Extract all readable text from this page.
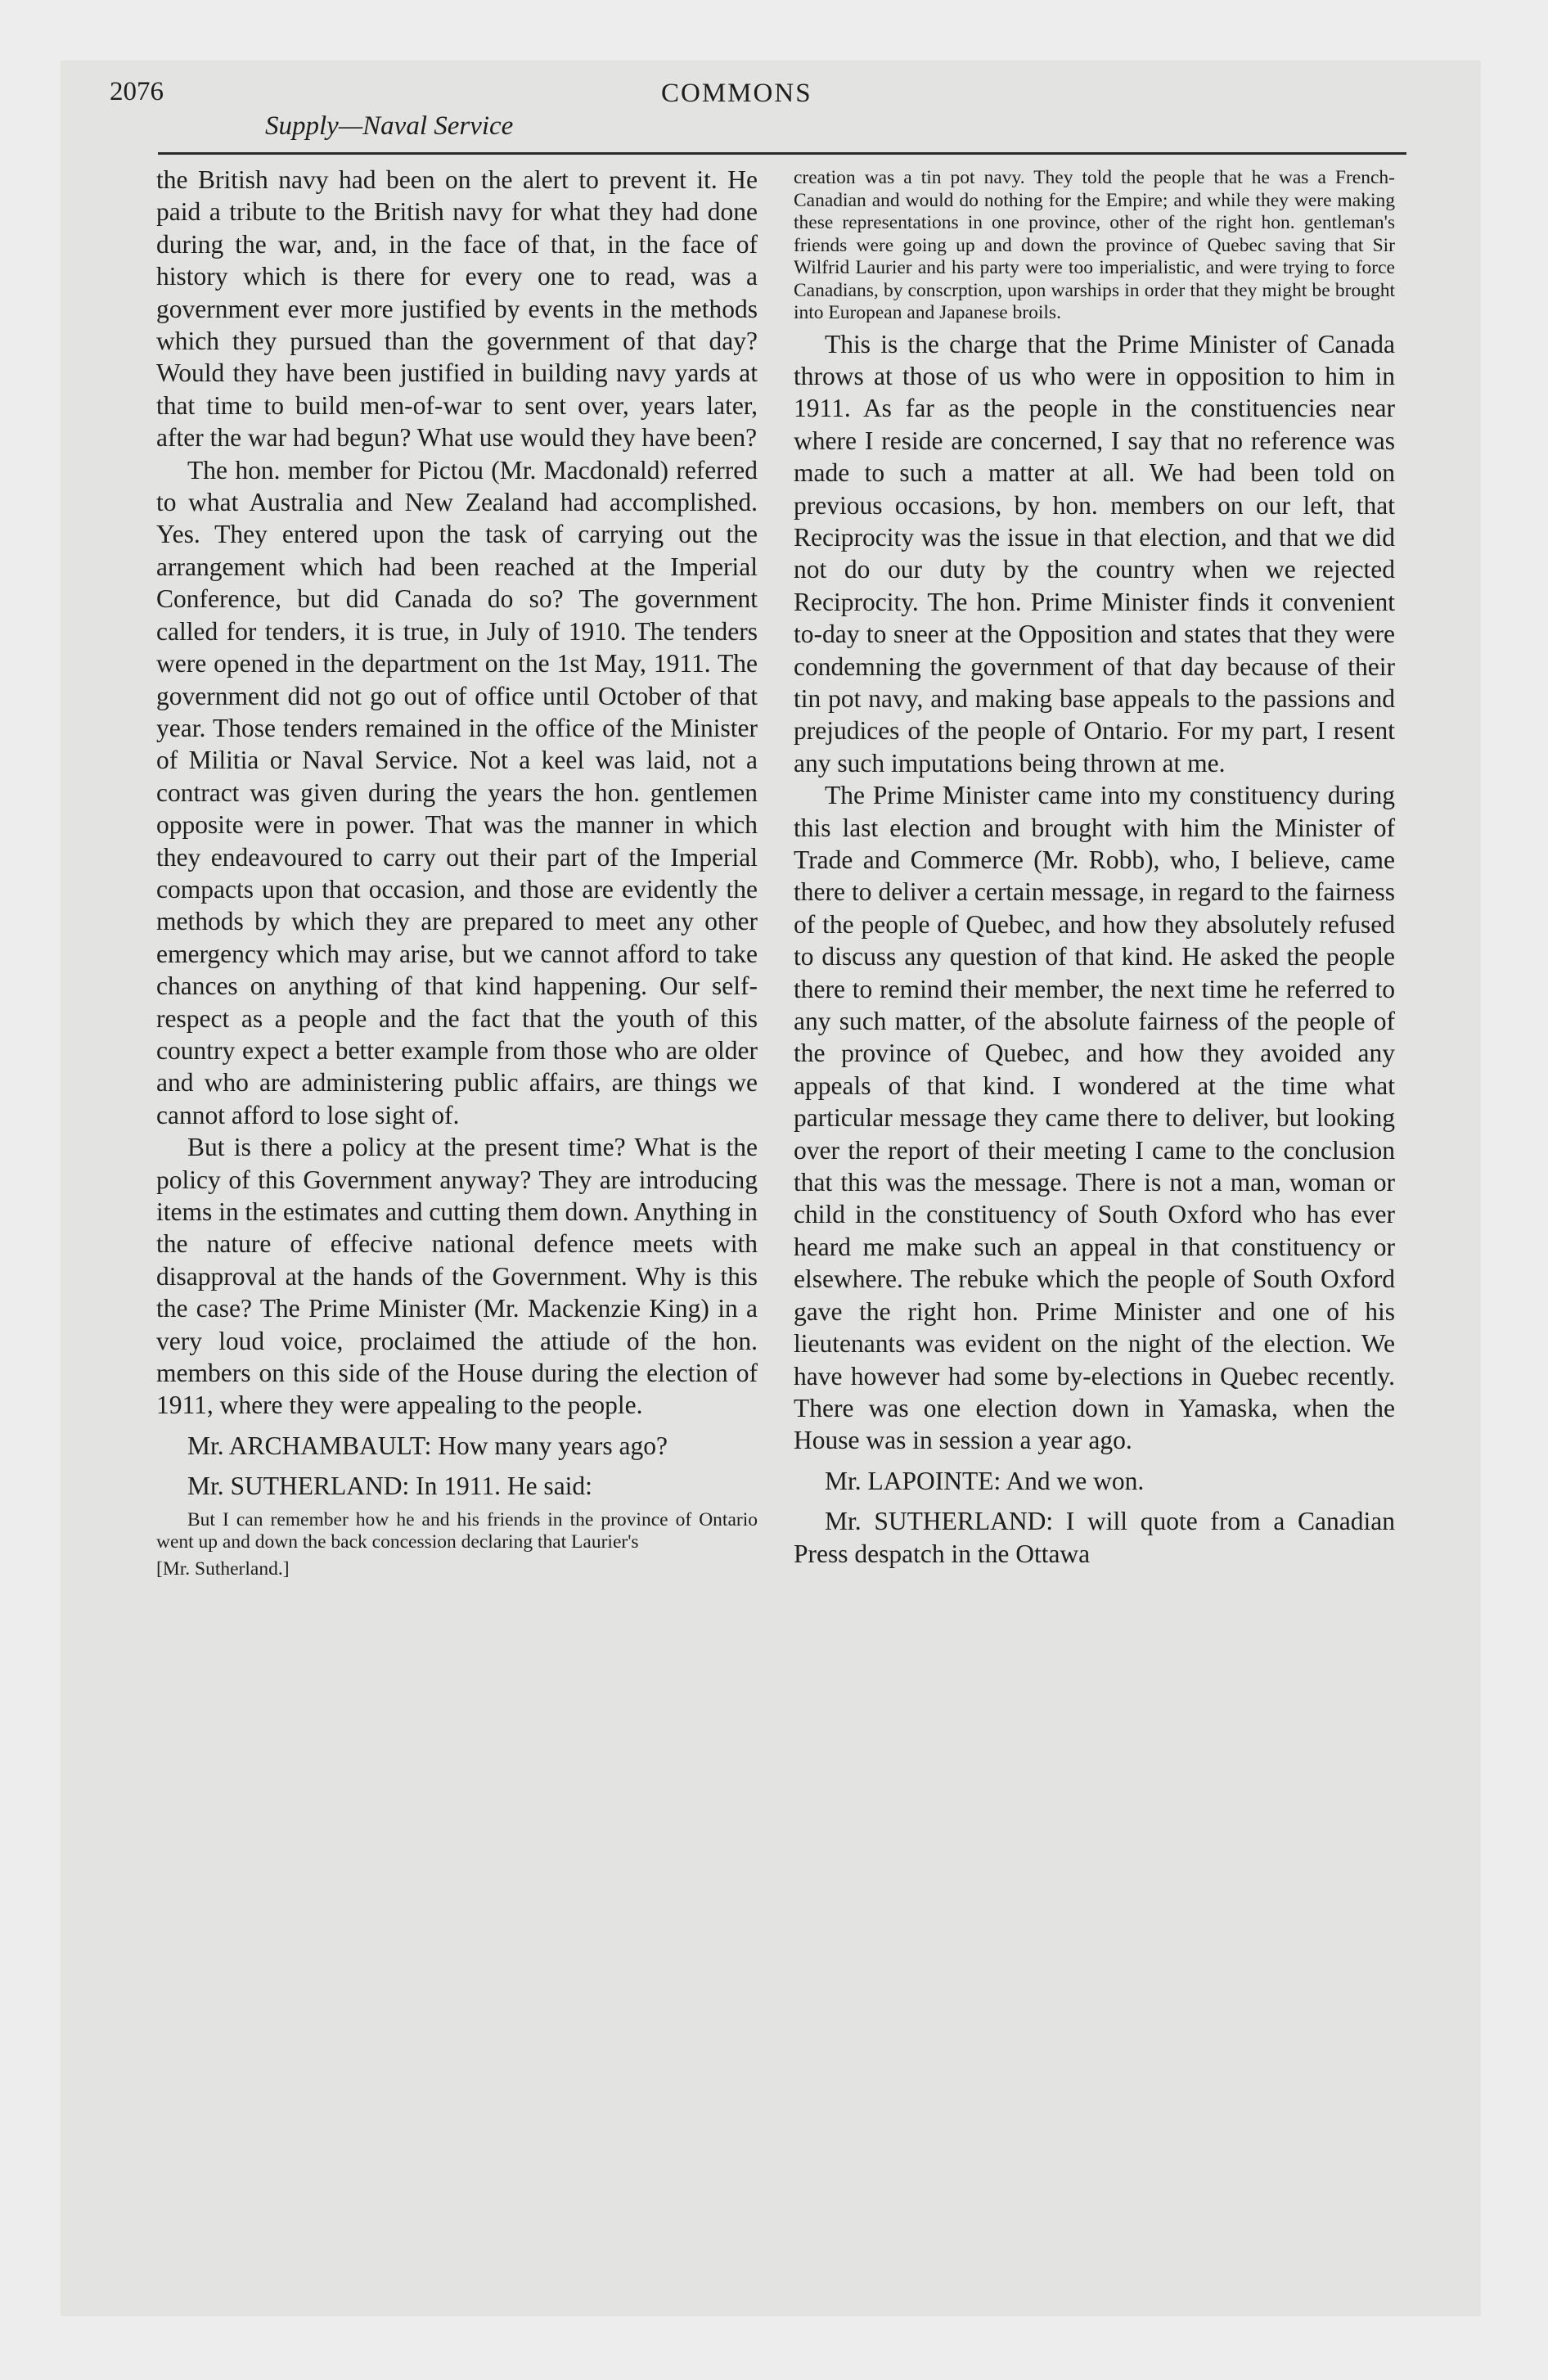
2076	COMMONS
Supply—Naval Service

the British navy had been on the alert to prevent it. He paid a tribute to the British navy for what they had done during the war, and, in the face of that, in the face of history which is there for every one to read, was a government ever more justified by events in the methods which they pursued than the government of that day? Would they have been justified in building navy yards at that time to build men-of-war to sent over, years later, after the war had begun? What use would they have been?

The hon. member for Pictou (Mr. Macdonald) referred to what Australia and New Zealand had accomplished. Yes. They entered upon the task of carrying out the arrangement which had been reached at the Imperial Conference, but did Canada do so? The government called for tenders, it is true, in July of 1910. The tenders were opened in the department on the 1st May, 1911. The government did not go out of office until October of that year. Those tenders remained in the office of the Minister of Militia or Naval Service. Not a keel was laid, not a contract was given during the years the hon. gentlemen opposite were in power. That was the manner in which they endeavoured to carry out their part of the Imperial compacts upon that occasion, and those are evidently the methods by which they are prepared to meet any other emergency which may arise, but we cannot afford to take chances on anything of that kind happening. Our self-respect as a people and the fact that the youth of this country expect a better example from those who are older and who are administering public affairs, are things we cannot afford to lose sight of.

But is there a policy at the present time? What is the policy of this Government anyway? They are introducing items in the estimates and cutting them down. Anything in the nature of effecive national defence meets with disapproval at the hands of the Government. Why is this the case? The Prime Minister (Mr. Mackenzie King) in a very loud voice, proclaimed the attiude of the hon. members on this side of the House during the election of 1911, where they were appealing to the people.

Mr. ARCHAMBAULT: How many years ago?

Mr. SUTHERLAND: In 1911. He said:

But I can remember how he and his friends in the province of Ontario went up and down the back concession declaring that Laurier's

[Mr. Sutherland.]

creation was a tin pot navy. They told the people that he was a French-Canadian and would do nothing for the Empire; and while they were making these representations in one province, other of the right hon. gentleman's friends were going up and down the province of Quebec saving that Sir Wilfrid Laurier and his party were too imperialistic, and were trying to force Canadians, by conscrption, upon warships in order that they might be brought into European and Japanese broils.

This is the charge that the Prime Minister of Canada throws at those of us who were in opposition to him in 1911. As far as the people in the constituencies near where I reside are concerned, I say that no reference was made to such a matter at all. We had been told on previous occasions, by hon. members on our left, that Reciprocity was the issue in that election, and that we did not do our duty by the country when we rejected Reciprocity. The hon. Prime Minister finds it convenient to-day to sneer at the Opposition and states that they were condemning the government of that day because of their tin pot navy, and making base appeals to the passions and prejudices of the people of Ontario. For my part, I resent any such imputations being thrown at me.

The Prime Minister came into my constituency during this last election and brought with him the Minister of Trade and Commerce (Mr. Robb), who, I believe, came there to deliver a certain message, in regard to the fairness of the people of Quebec, and how they absolutely refused to discuss any question of that kind. He asked the people there to remind their member, the next time he referred to any such matter, of the absolute fairness of the people of the province of Quebec, and how they avoided any appeals of that kind. I wondered at the time what particular message they came there to deliver, but looking over the report of their meeting I came to the conclusion that this was the message. There is not a man, woman or child in the constituency of South Oxford who has ever heard me make such an appeal in that constituency or elsewhere. The rebuke which the people of South Oxford gave the right hon. Prime Minister and one of his lieutenants was evident on the night of the election. We have however had some by-elections in Quebec recently. There was one election down in Yamaska, when the House was in session a year ago.

Mr. LAPOINTE: And we won.

Mr. SUTHERLAND: I will quote from a Canadian Press despatch in the Ottawa
